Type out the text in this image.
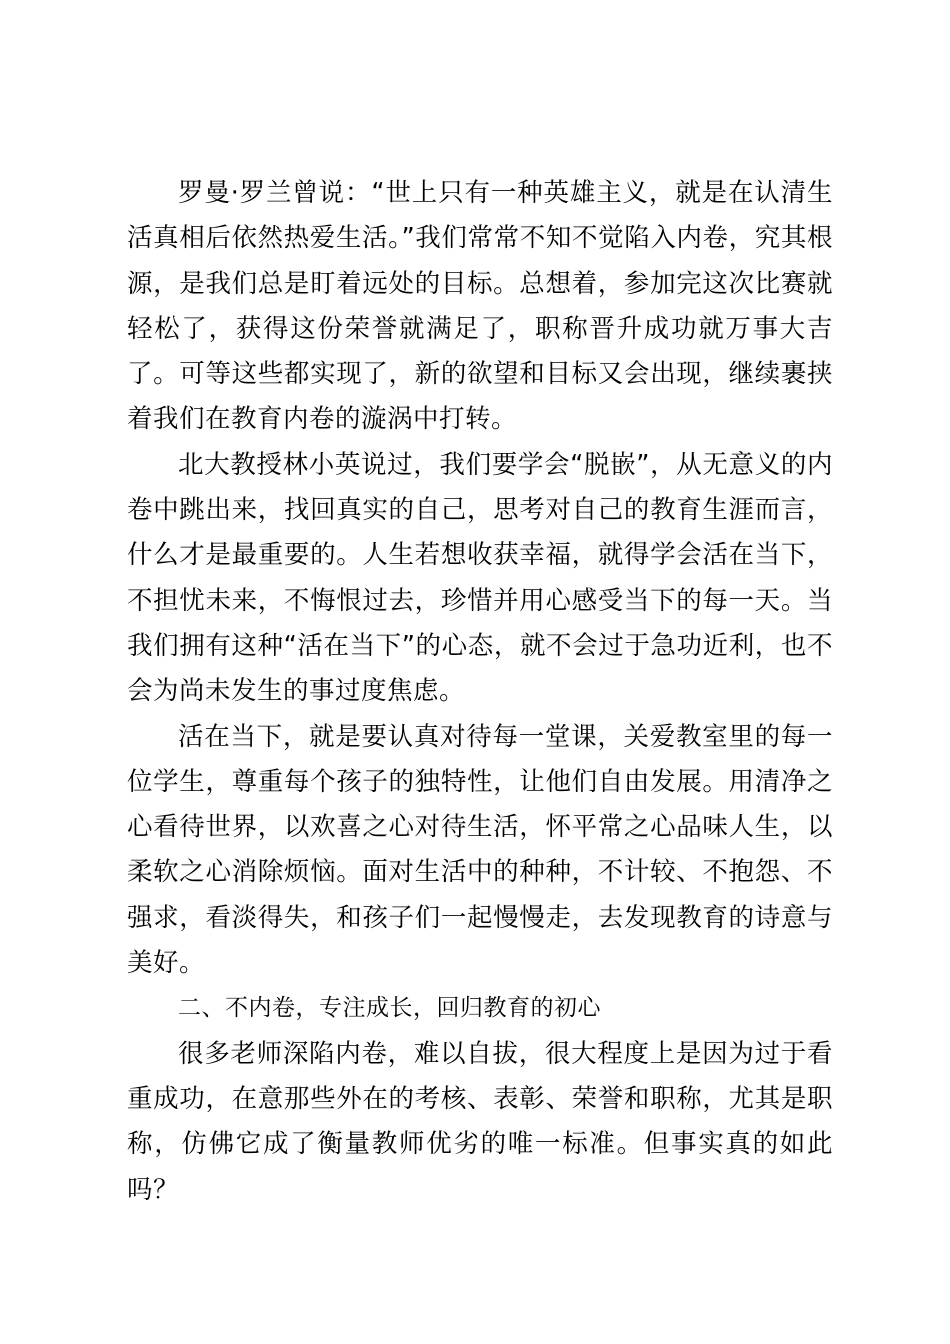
罗曼·罗兰曾说：“世上只有一种英雄主义，就是在认清生活真相后依然热爱生活。”我们常常不知不觉陷入内卷，究其根源，是我们总是盯着远处的目标。总想着，参加完这次比赛就轻松了，获得这份荣誉就满足了，职称晋升成功就万事大吉了。可等这些都实现了，新的欲望和目标又会出现，继续裹挟着我们在教育内卷的漩涡中打转。

北大教授林小英说过，我们要学会“脱嵌”，从无意义的内卷中跳出来，找回真实的自己，思考对自己的教育生涯而言，什么才是最重要的。人生若想收获幸福，就得学会活在当下，不担忧未来，不悔恨过去，珍惜并用心感受当下的每一天。当我们拥有这种“活在当下”的心态，就不会过于急功近利，也不会为尚未发生的事过度焦虑。

活在当下，就是要认真对待每一堂课，关爱教室里的每一位学生，尊重每个孩子的独特性，让他们自由发展。用清净之心看待世界，以欢喜之心对待生活，怀平常之心品味人生，以柔软之心消除烦恼。面对生活中的种种，不计较、不抱怨、不强求，看淡得失，和孩子们一起慢慢走，去发现教育的诗意与美好。

二、不内卷，专注成长，回归教育的初心

很多老师深陷内卷，难以自拔，很大程度上是因为过于看重成功，在意那些外在的考核、表彰、荣誉和职称，尤其是职称，仿佛它成了衡量教师优劣的唯一标准。但事实真的如此吗？
